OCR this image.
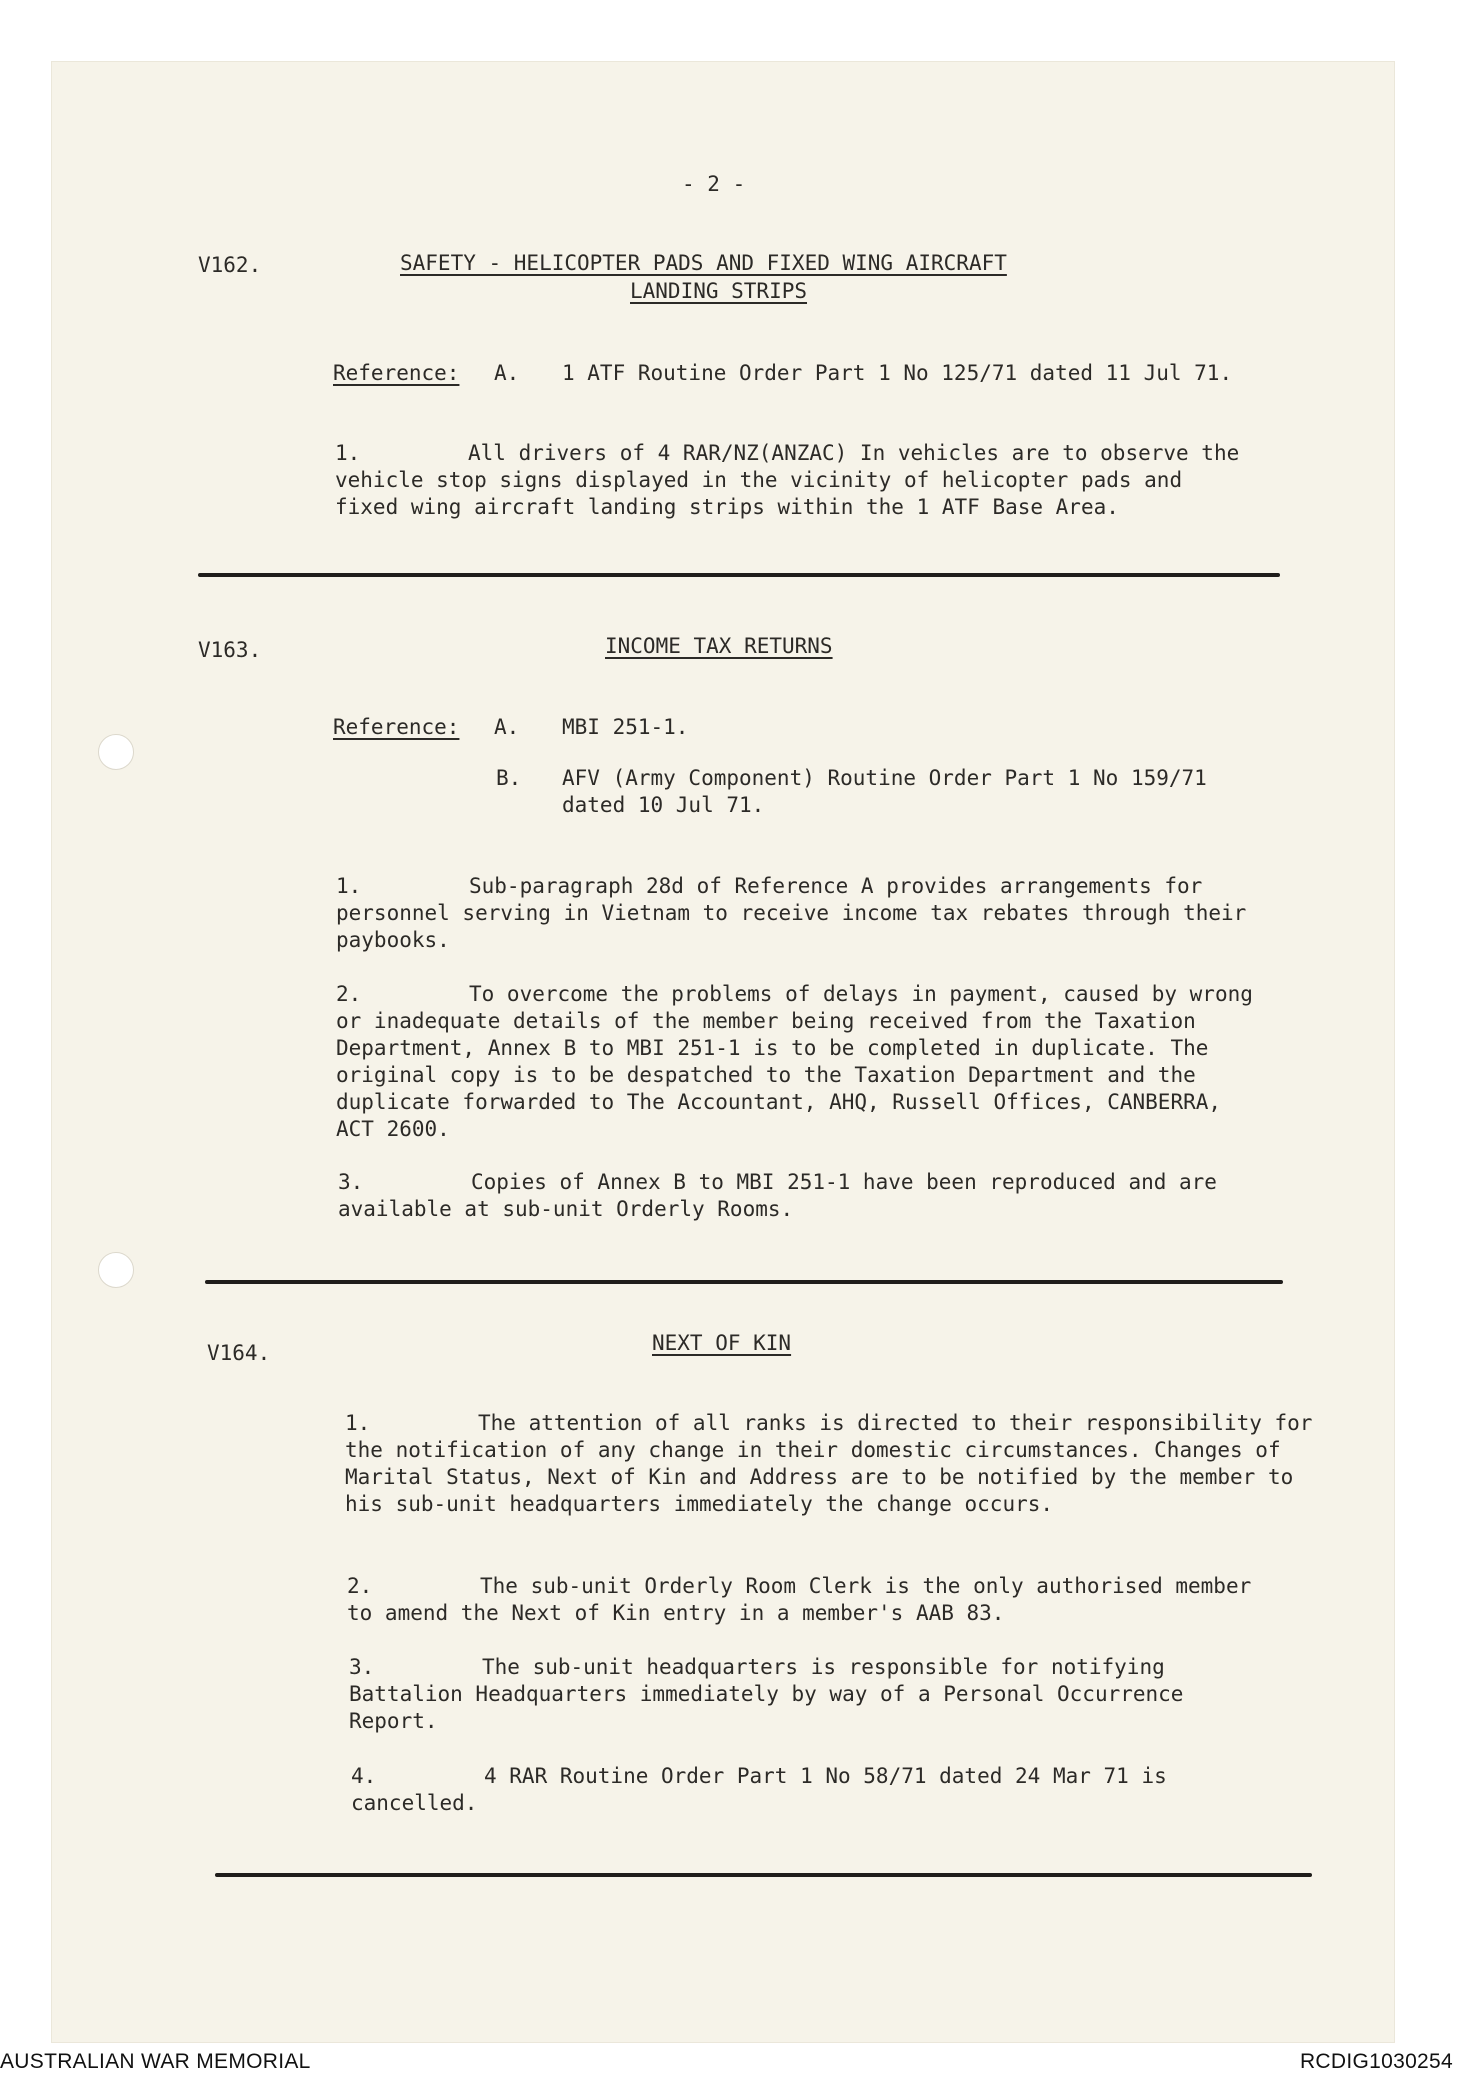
- 2 -
V162.	SAFETY - HELICOPTER PADS AND FIXED WING AIRCRAFT
LANDING STRIPS
Reference: A. 1 ATF Routine Order Part 1 No 125/71 dated 11 Jul 71.
1.	All drivers of 4 RAR/NZ(ANZAC) In vehicles are to observe the vehicle stop signs displayed in the vicinity of helicopter pads and fixed wing aircraft landing strips within the 1 ATF Base Area.
V163.	INCOME TAX RETURNS
Reference: A. MBI 251-1.
B. AFV (Army Component) Routine Order Part 1 No 159/71 dated 10 Jul 71.
1.	Sub-paragraph 28d of Reference A provides arrangements for personnel serving in Vietnam to receive income tax rebates through their paybooks.
2.	To overcome the problems of delays in payment, caused by wrong or inadequate details of the member being received from the Taxation Department, Annex B to MBI 251-1 is to be completed in duplicate. The original copy is to be despatched to the Taxation Department and the duplicate forwarded to The Accountant, AHQ, Russell Offices, CANBERRA, ACT 2600.
3.	Copies of Annex B to MBI 251-1 have been reproduced and are available at sub-unit Orderly Rooms.
V164.	NEXT OF KIN
1.	The attention of all ranks is directed to their responsibility for the notification of any change in their domestic circumstances. Changes of Marital Status, Next of Kin and Address are to be notified by the member to his sub-unit headquarters immediately the change occurs.
2.	The sub-unit Orderly Room Clerk is the only authorised member to amend the Next of Kin entry in a member's AAB 83.
3.	The sub-unit headquarters is responsible for notifying Battalion Headquarters immediately by way of a Personal Occurrence Report.
4.	4 RAR Routine Order Part 1 No 58/71 dated 24 Mar 71 is cancelled.
AUSTRALIAN WAR MEMORIAL	RCDIG1030254
